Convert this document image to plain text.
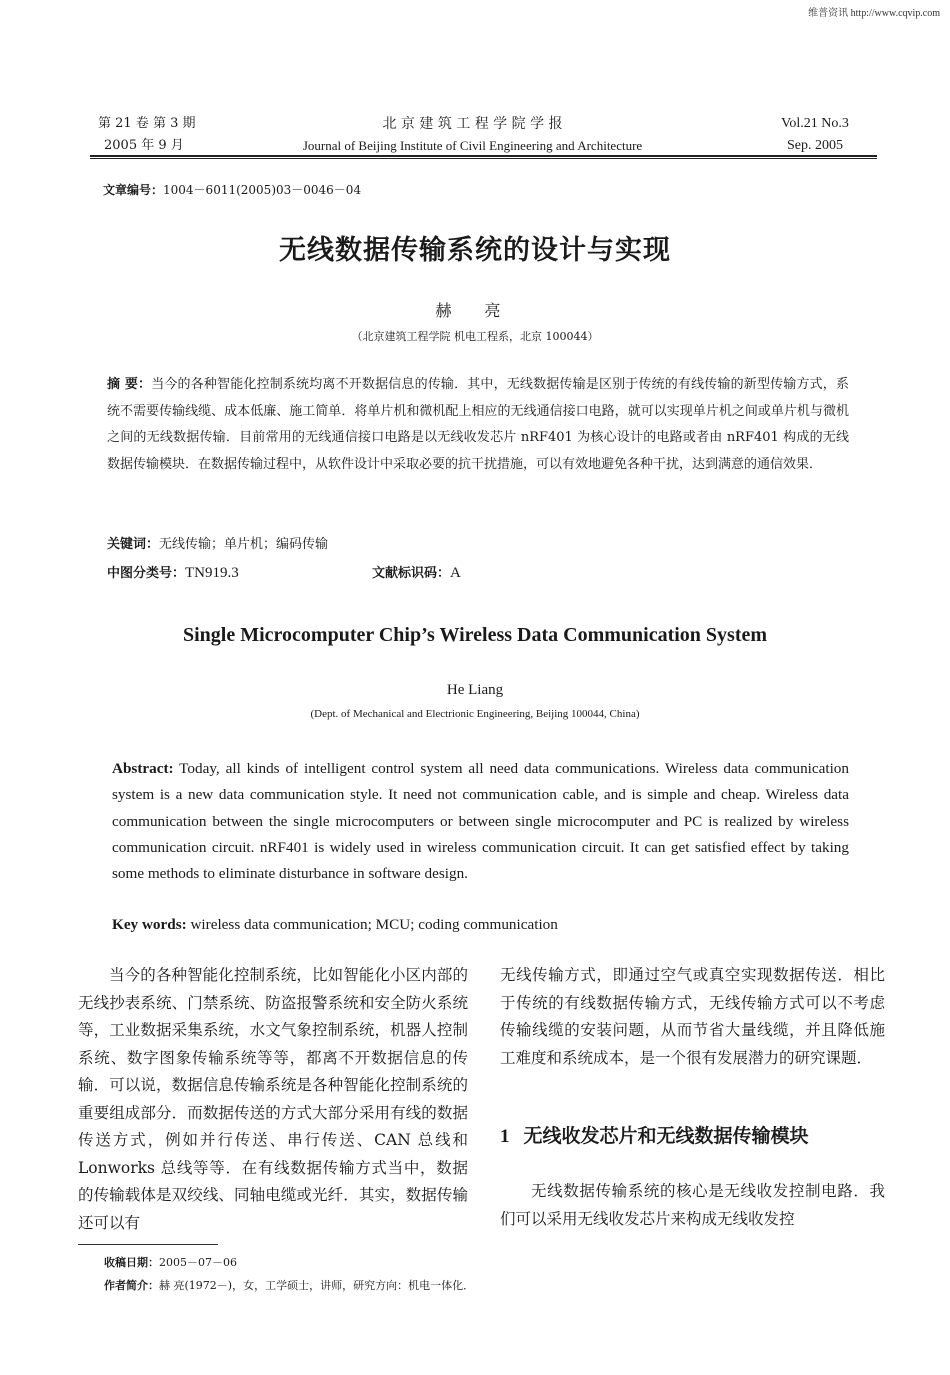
维普资讯 http://www.cqvip.com
第 21 卷 第 3 期
2005 年 9 月
北 京 建 筑 工 程 学 院 学 报
Journal of Beijing Institute of Civil Engineering and Architecture
Vol.21 No.3
Sep. 2005
文章编号：1004－6011(2005)03－0046－04
无线数据传输系统的设计与实现
赫 亮
（北京建筑工程学院 机电工程系，北京 100044）
摘 要：当今的各种智能化控制系统均离不开数据信息的传输．其中，无线数据传输是区别于传统的有线传输的新型传输方式，系统不需要传输线缆、成本低廉、施工简单．将单片机和微机配上相应的无线通信接口电路，就可以实现单片机之间或单片机与微机之间的无线数据传输．目前常用的无线通信接口电路是以无线收发芯片 nRF401 为核心设计的电路或者由 nRF401 构成的无线数据传输模块．在数据传输过程中，从软件设计中采取必要的抗干扰措施，可以有效地避免各种干扰，达到满意的通信效果．
关键词：无线传输；单片机；编码传输
中图分类号：TN919.3	文献标识码：A
Single Microcomputer Chip’s Wireless Data Communication System
He Liang
(Dept. of Mechanical and Electrionic Engineering, Beijing 100044, China)
Abstract: Today, all kinds of intelligent control system all need data communications. Wireless data communication system is a new data communication style. It need not communication cable, and is simple and cheap. Wireless data communication between the single microcomputers or between single microcomputer and PC is realized by wireless communication circuit. nRF401 is widely used in wireless communication circuit. It can get satisfied effect by taking some methods to eliminate disturbance in software design.
Key words: wireless data communication; MCU; coding communication
当今的各种智能化控制系统，比如智能化小区内部的无线抄表系统、门禁系统、防盗报警系统和安全防火系统等，工业数据采集系统，水文气象控制系统，机器人控制系统、数字图象传输系统等等，都离不开数据信息的传输．可以说，数据信息传输系统是各种智能化控制系统的重要组成部分．而数据传送的方式大部分采用有线的数据传送方式，例如并行传送、串行传送、CAN 总线和 Lonworks 总线等等．在有线数据传输方式当中，数据的传输载体是双绞线、同轴电缆或光纤．其实，数据传输还可以有
无线传输方式，即通过空气或真空实现数据传送．相比于传统的有线数据传输方式，无线传输方式可以不考虑传输线缆的安装问题，从而节省大量线缆，并且降低施工难度和系统成本，是一个很有发展潜力的研究课题．
1 无线收发芯片和无线数据传输模块
无线数据传输系统的核心是无线收发控制电路．我们可以采用无线收发芯片来构成无线收发控
收稿日期：2005－07－06
作者简介：赫 亮(1972－)，女，工学硕士，讲师，研究方向：机电一体化．
